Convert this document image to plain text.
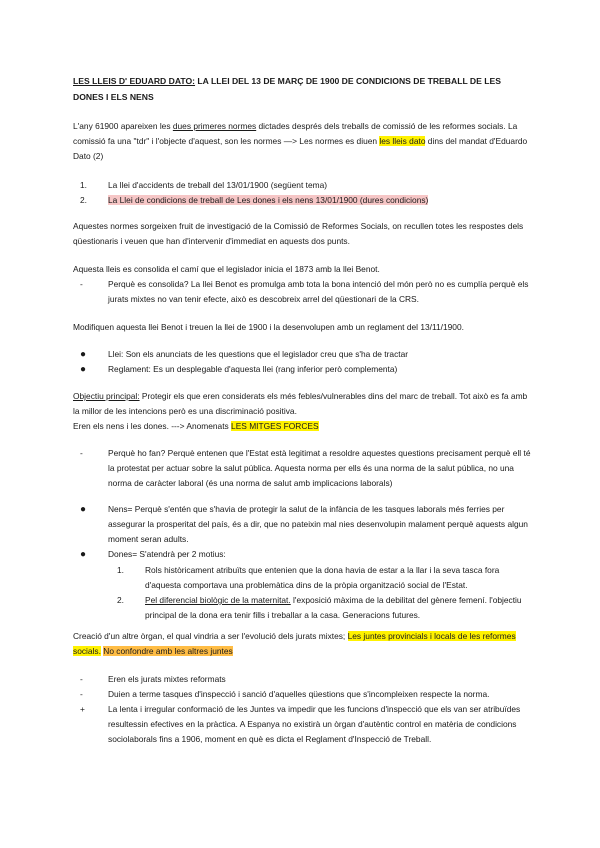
LES LLEIS D' EDUARD DATO: LA LLEI DEL 13 DE MARÇ DE 1900 DE CONDICIONS DE TREBALL DE LES DONES I ELS NENS

L'any 61900 apareixen les dues primeres normes dictades després dels treballs de comissió de les reformes socials. La comissió fa una "tdr" i l'objecte d'aquest, son les normes —> Les normes es diuen les lleis dato dins del mandat d'Eduardo Dato (2)

1.	La llei d'accidents de treball del 13/01/1900 (següent tema)
2.	La Llei de condicions de treball de Les dones i els nens 13/01/1900 (dures condicions)

Aquestes normes sorgeixen fruit de investigació de la Comissió de Reformes Socials, on recullen totes les respostes dels qüestionaris i veuen que han d'intervenir d'immediat en aquests dos punts.

Aquesta lleis es consolida el camí que el legislador inicia el 1873 amb la llei Benot.

-	Perquè es consolida? La llei Benot es promulga amb tota la bona intenció del món però no es cumplía perquè els jurats mixtes no van tenir efecte, això es descobreix arrel del qüestionari de la CRS.

Modifiquen aquesta llei Benot i treuen la llei de 1900 i la desenvolupen amb un reglament del 13/11/1900.

●	Llei: Son els anunciats de les questions que el legislador creu que s'ha de tractar
●	Reglament: Es un desplegable d'aquesta llei (rang inferior però complementa)

Objectiu principal: Protegir els que eren considerats els més febles/vulnerables dins del marc de treball. Tot això es fa amb la millor de les intencions però es una discriminació positiva.
Eren els nens i les dones. ---> Anomenats LES MITGES FORCES

-	Perquè ho fan? Perquè entenen que l'Estat està legitimat a resoldre aquestes questions precisament perquè ell té la protestat per actuar sobre la salut pública. Aquesta norma per ells és una norma de la salut pública, no una norma de caràcter laboral (és una norma de salut amb implicacions laborals)
●	Nens= Perquè s'entén que s'havia de protegir la salut de la infància de les tasques laborals més ferries per assegurar la prosperitat del país, és a dir, que no pateixin mal nies desenvolupin malament perquè aquests algun moment seran adults.
●	Dones= S'atendrà per 2 motius:
1.	Rols històricament atribuïts que entenien que la dona havia de estar a la llar i la seva tasca fora d'aquesta comportava una problemàtica dins de la pròpia organització social de l'Estat.
2.	Pel diferencial biològic de la maternitat. l'exposició màxima de la debilitat del gènere femení. l'objectiu principal de la dona era tenir fills i treballar a la casa. Generacions futures.

Creació d'un altre òrgan, el qual vindria a ser l'evolució dels jurats mixtes; Les juntes provincials i locals de les reformes socials. No confondre amb les altres juntes

-	Eren els jurats mixtes reformats
-	Duien a terme tasques d'inspecció i sanció d'aquelles qüestions que s'incompleixen respecte la norma.
+	La lenta i irregular conformació de les Juntes va impedir que les funcions d'inspecció que els van ser atribuïdes resultessin efectives en la pràctica. A Espanya no existirà un òrgan d'autèntic control en matèria de condicions sociolaborals fins a 1906, moment en què es dicta el Reglament d'Inspecció de Treball.
